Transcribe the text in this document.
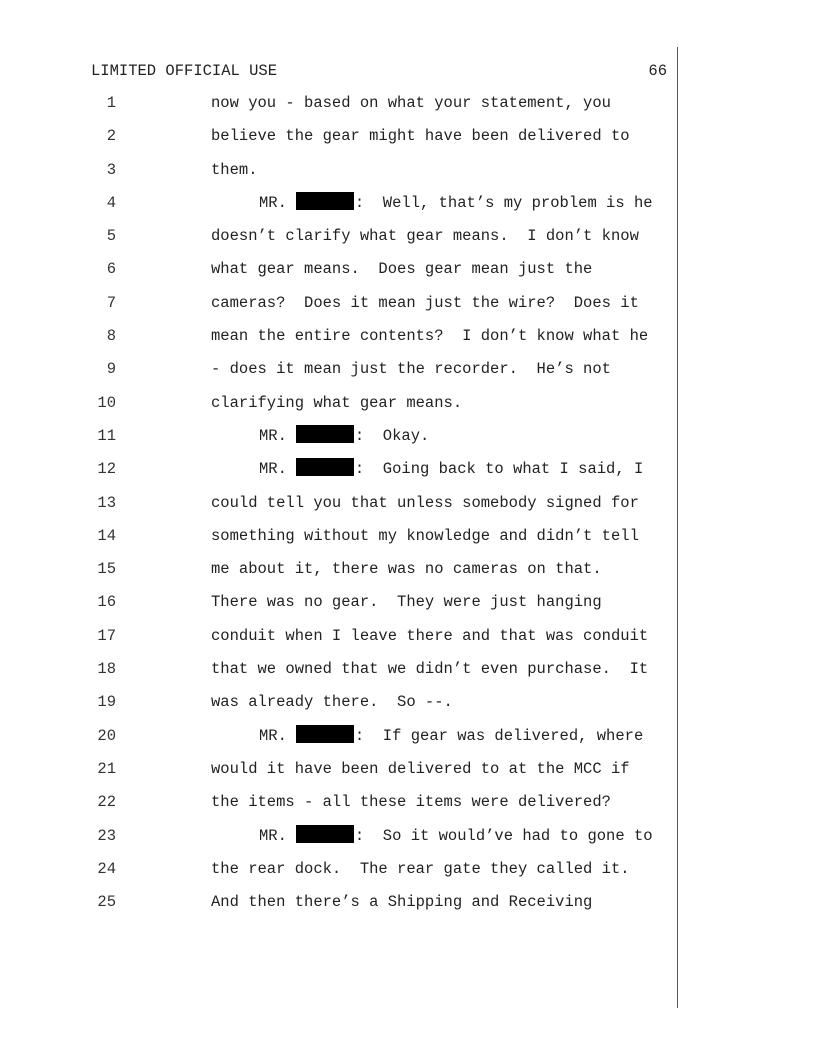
LIMITED OFFICIAL USE	66
1	now you - based on what your statement, you
2	believe the gear might have been delivered to
3	them.
4	MR.	:  Well, that’s my problem is he
5	doesn’t clarify what gear means.  I don’t know
6	what gear means.  Does gear mean just the
7	cameras?  Does it mean just the wire?  Does it
8	mean the entire contents?  I don’t know what he
9	- does it mean just the recorder.  He’s not
10	clarifying what gear means.
11	MR.	:  Okay.
12	MR.	:  Going back to what I said, I
13	could tell you that unless somebody signed for
14	something without my knowledge and didn’t tell
15	me about it, there was no cameras on that.
16	There was no gear.  They were just hanging
17	conduit when I leave there and that was conduit
18	that we owned that we didn’t even purchase.  It
19	was already there.  So --.
20	MR.	:  If gear was delivered, where
21	would it have been delivered to at the MCC if
22	the items - all these items were delivered?
23	MR.	:  So it would’ve had to gone to
24	the rear dock.  The rear gate they called it.
25	And then there’s a Shipping and Receiving
